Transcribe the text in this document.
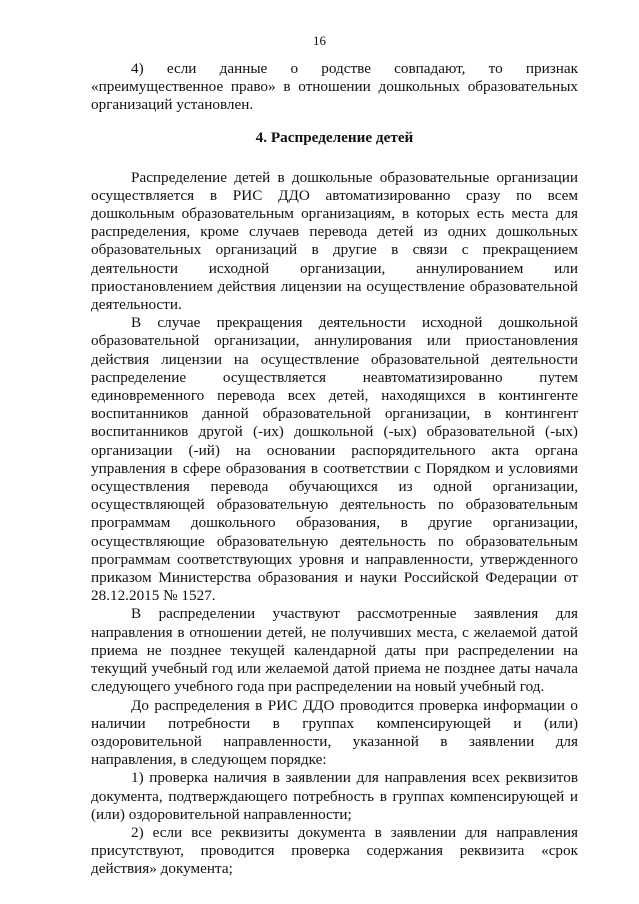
16

4) если данные о родстве совпадают, то признак «преимущественное право» в отношении дошкольных образовательных организаций установлен.

4. Распределение детей

Распределение детей в дошкольные образовательные организации осуществляется в РИС ДДО автоматизированно сразу по всем дошкольным образовательным организациям, в которых есть места для распределения, кроме случаев перевода детей из одних дошкольных образовательных организаций в другие в связи с прекращением деятельности исходной организации, аннулированием или приостановлением действия лицензии на осуществление образовательной деятельности.

В случае прекращения деятельности исходной дошкольной образовательной организации, аннулирования или приостановления действия лицензии на осуществление образовательной деятельности распределение осуществляется неавтоматизированно путем единовременного перевода всех детей, находящихся в контингенте воспитанников данной образовательной организации, в контингент воспитанников другой (-их) дошкольной (-ых) образовательной (-ых) организации (-ий) на основании распорядительного акта органа управления в сфере образования в соответствии с Порядком и условиями осуществления перевода обучающихся из одной организации, осуществляющей образовательную деятельность по образовательным программам дошкольного образования, в другие организации, осуществляющие образовательную деятельность по образовательным программам соответствующих уровня и направленности, утвержденного приказом Министерства образования и науки Российской Федерации от 28.12.2015 № 1527.

В распределении участвуют рассмотренные заявления для направления в отношении детей, не получивших места, с желаемой датой приема не позднее текущей календарной даты при распределении на текущий учебный год или желаемой датой приема не позднее даты начала следующего учебного года при распределении на новый учебный год.

До распределения в РИС ДДО проводится проверка информации о наличии потребности в группах компенсирующей и (или) оздоровительной направленности, указанной в заявлении для направления, в следующем порядке:

1) проверка наличия в заявлении для направления всех реквизитов документа, подтверждающего потребность в группах компенсирующей и (или) оздоровительной направленности;

2) если все реквизиты документа в заявлении для направления присутствуют, проводится проверка содержания реквизита «срок действия» документа;
